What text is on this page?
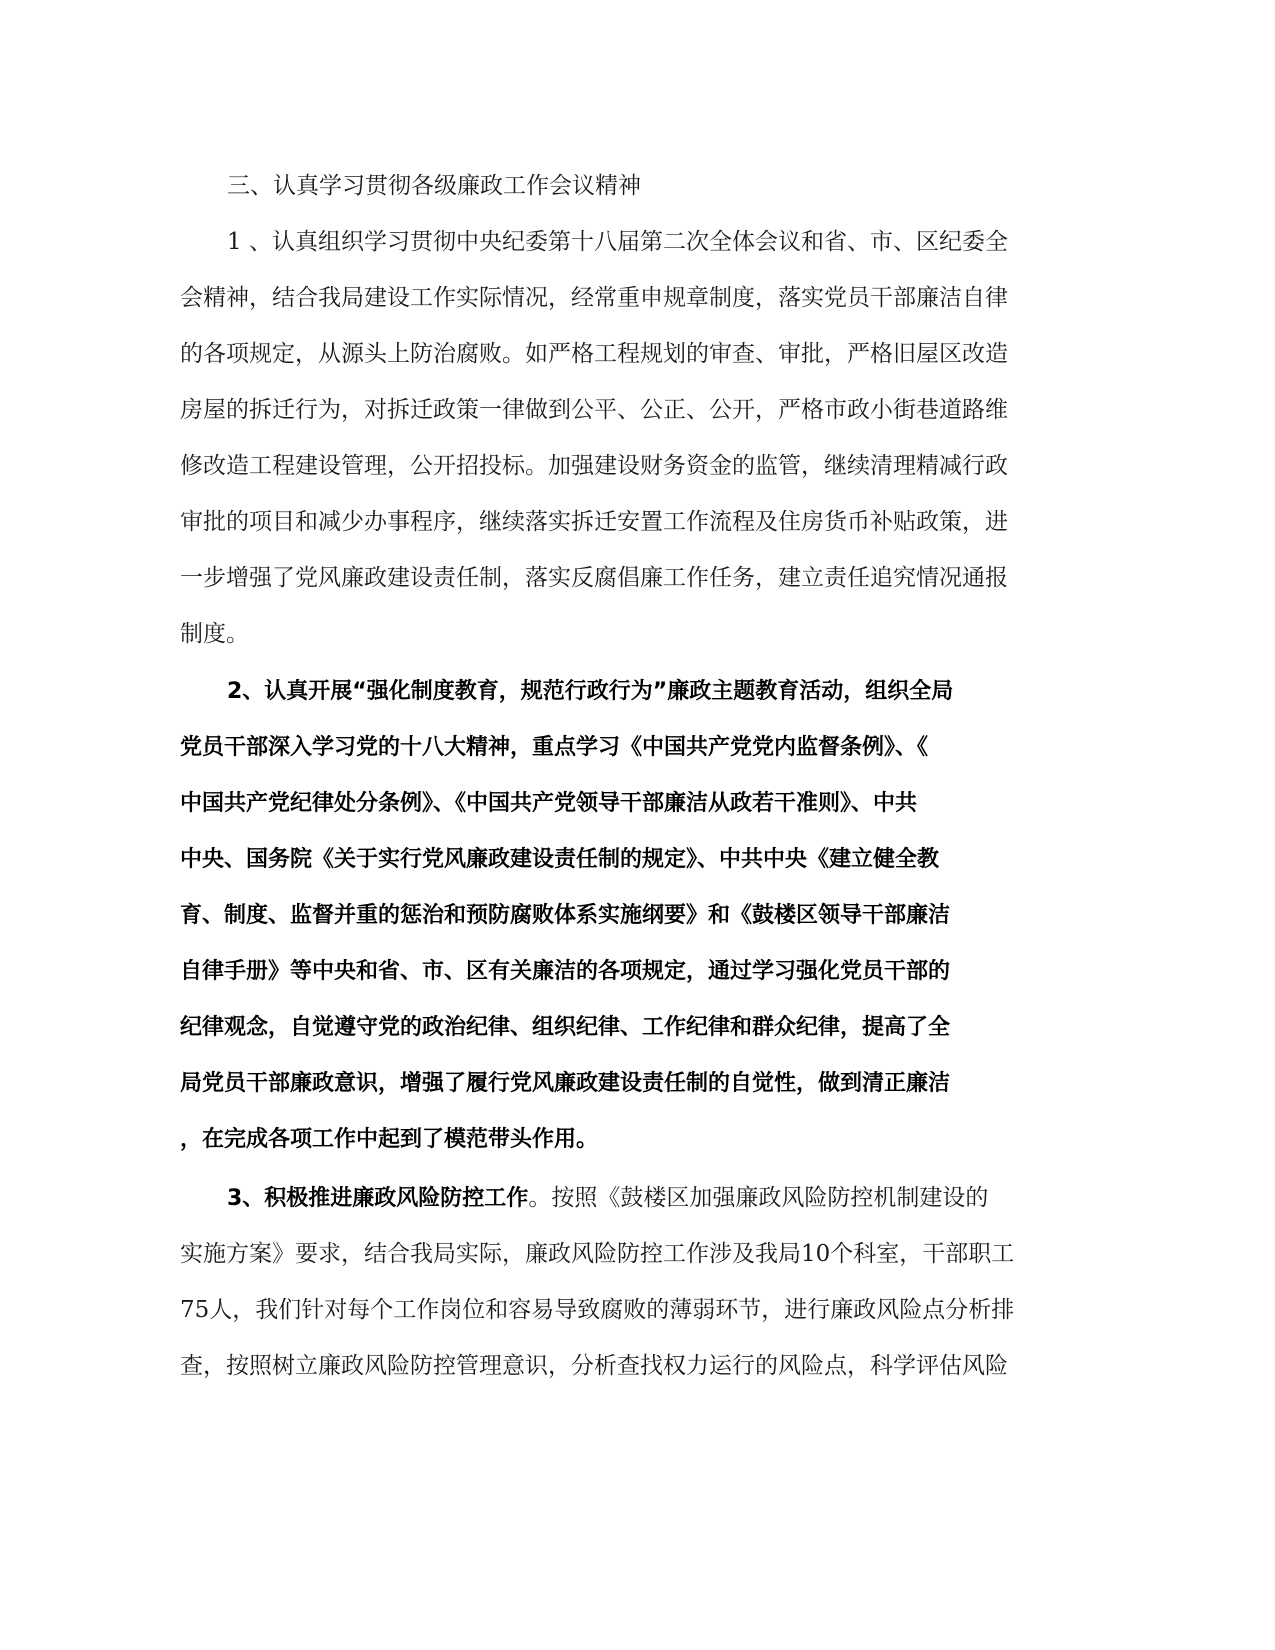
三、认真学习贯彻各级廉政工作会议精神
1 、认真组织学习贯彻中央纪委第十八届第二次全体会议和省、市、区纪委全
会精神，结合我局建设工作实际情况，经常重申规章制度，落实党员干部廉洁自律
的各项规定，从源头上防治腐败。如严格工程规划的审查、审批，严格旧屋区改造
房屋的拆迁行为，对拆迁政策一律做到公平、公正、公开，严格市政小街巷道路维
修改造工程建设管理，公开招投标。加强建设财务资金的监管，继续清理精减行政
审批的项目和减少办事程序，继续落实拆迁安置工作流程及住房货币补贴政策，进
一步增强了党风廉政建设责任制，落实反腐倡廉工作任务，建立责任追究情况通报
制度。
2、认真开展“强化制度教育，规范行政行为”廉政主题教育活动，组织全局
党员干部深入学习党的十八大精神，重点学习《中国共产党党内监督条例》、《
中国共产党纪律处分条例》、《中国共产党领导干部廉洁从政若干准则》、中共
中央、国务院《关于实行党风廉政建设责任制的规定》、中共中央《建立健全教
育、制度、监督并重的惩治和预防腐败体系实施纲要》和《鼓楼区领导干部廉洁
自律手册》等中央和省、市、区有关廉洁的各项规定，通过学习强化党员干部的
纪律观念，自觉遵守党的政治纪律、组织纪律、工作纪律和群众纪律，提高了全
局党员干部廉政意识，增强了履行党风廉政建设责任制的自觉性，做到清正廉洁
，在完成各项工作中起到了模范带头作用。
3、积极推进廉政风险防控工作。按照《鼓楼区加强廉政风险防控机制建设的
实施方案》要求，结合我局实际，廉政风险防控工作涉及我局10个科室，干部职工
75人，我们针对每个工作岗位和容易导致腐败的薄弱环节，进行廉政风险点分析排
查，按照树立廉政风险防控管理意识，分析查找权力运行的风险点，科学评估风险
